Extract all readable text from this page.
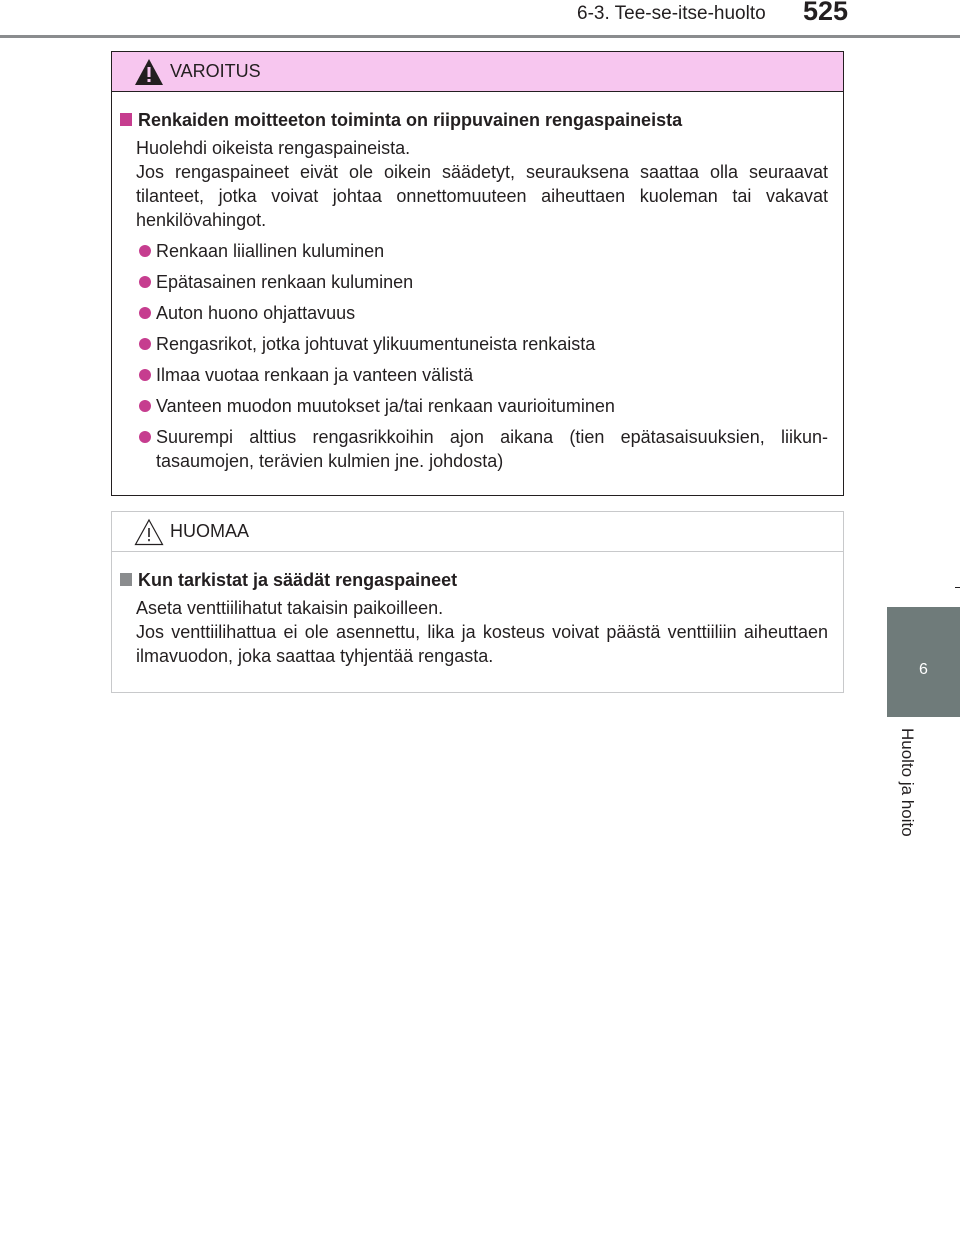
6-3. Tee-se-itse-huolto 525
6
Huolto ja hoito
VAROITUS
Renkaiden moitteeton toiminta on riippuvainen rengaspaineista
Huolehdi oikeista rengaspaineista.
Jos rengaspaineet eivät ole oikein säädetyt, seurauksena saattaa olla seuraavat tilanteet, jotka voivat johtaa onnettomuuteen aiheuttaen kuoleman tai vakavat henkilövahingot.
Renkaan liiallinen kuluminen
Epätasainen renkaan kuluminen
Auton huono ohjattavuus
Rengasrikot, jotka johtuvat ylikuumentuneista renkaista
Ilmaa vuotaa renkaan ja vanteen välistä
Vanteen muodon muutokset ja/tai renkaan vaurioituminen
Suurempi alttius rengasrikkoihin ajon aikana (tien epätasaisuuksien, liikuntasaumojen, terävien kulmien jne. johdosta)
HUOMAA
Kun tarkistat ja säädät rengaspaineet
Aseta venttiilihatut takaisin paikoilleen.
Jos venttiilihattua ei ole asennettu, lika ja kosteus voivat päästä venttiiliin aiheuttaen ilmavuodon, joka saattaa tyhjentää rengasta.
